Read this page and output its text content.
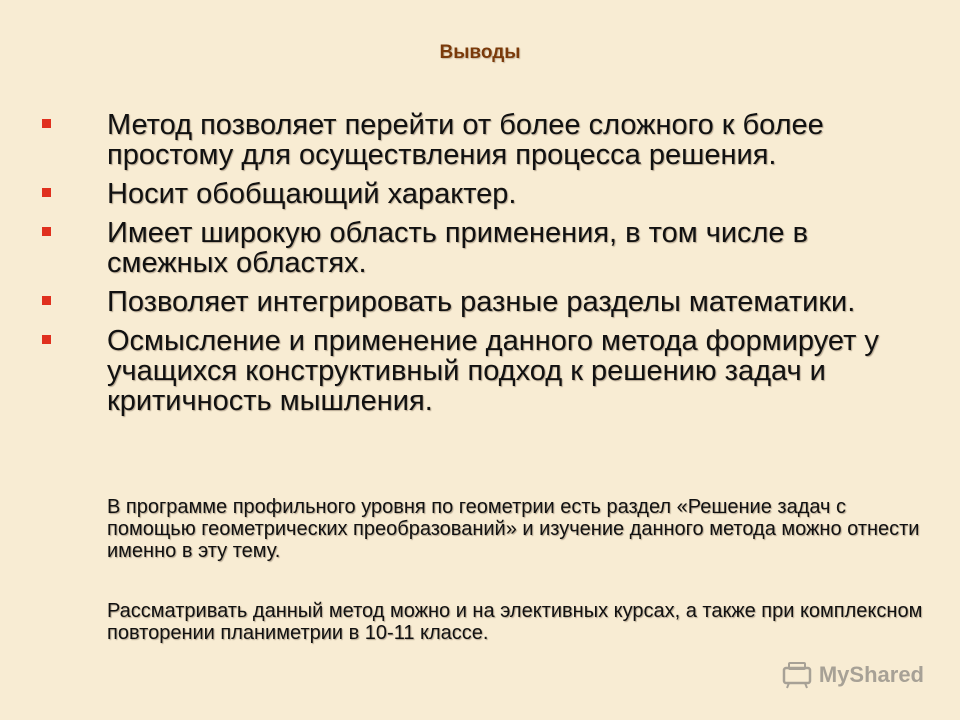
Выводы
Метод позволяет перейти от более сложного к более простому для осуществления процесса решения.
Носит обобщающий характер.
Имеет широкую область применения, в том числе в смежных областях.
Позволяет интегрировать разные разделы математики.
Осмысление и применение данного метода формирует у учащихся конструктивный подход к решению задач и критичность мышления.
В программе профильного уровня по геометрии есть раздел «Решение задач с помощью геометрических преобразований» и изучение данного метода можно отнести именно в эту тему.
Рассматривать данный метод можно и на элективных курсах, а также при комплексном повторении планиметрии в 10-11 классе.
MyShared
